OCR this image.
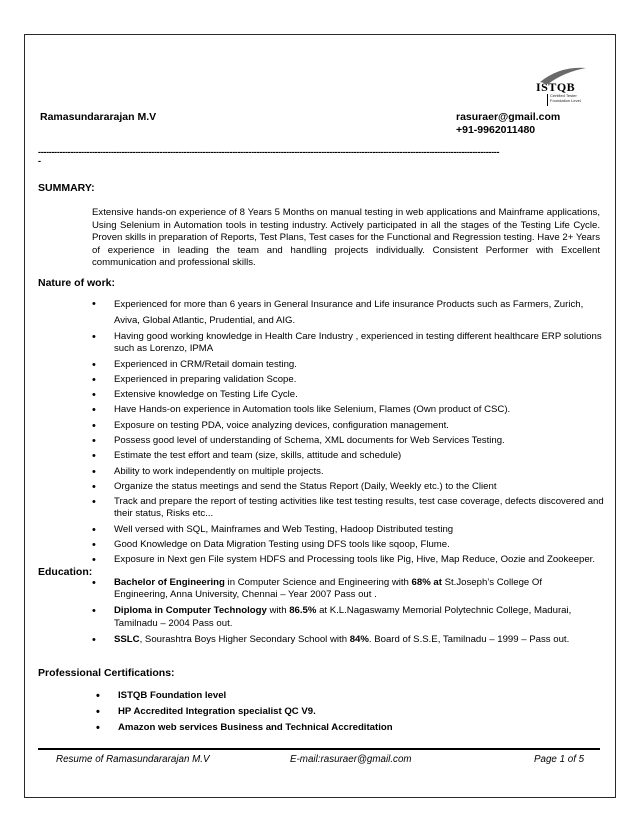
ISTQB
Certified Tester
Foundation Level
Ramasundararajan M.V	rasuraer@gmail.com
+91-9962011480
---------------------------------------------------------------------------------------------------------------------------------------------------------------------------
-
SUMMARY:
Extensive hands-on experience of 8 Years 5 Months on manual testing in web applications and Mainframe applications, Using Selenium in Automation tools in testing industry. Actively participated in all the stages of the Testing Life Cycle. Proven skills in preparation of Reports, Test Plans, Test cases for the Functional and Regression testing. Have 2+ Years of experience in leading the team and handling projects individually. Consistent Performer with Excellent communication and professional skills.
Nature of work:
• Experienced for more than 6 years in General Insurance and Life insurance Products such as Farmers, Zurich, Aviva, Global Atlantic, Prudential, and AIG.
• Having good working knowledge in Health Care Industry , experienced in testing different healthcare ERP solutions such as Lorenzo, IPMA
• Experienced in CRM/Retail domain testing.
• Experienced in preparing validation Scope.
• Extensive knowledge on Testing Life Cycle.
• Have Hands-on experience in Automation tools like Selenium, Flames (Own product of CSC).
• Exposure on testing PDA, voice analyzing devices, configuration management.
• Possess good level of understanding of Schema, XML documents for Web Services Testing.
• Estimate the test effort and team (size, skills, attitude and schedule)
• Ability to work independently on multiple projects.
• Organize the status meetings and send the Status Report (Daily, Weekly etc.) to the Client
• Track and prepare the report of testing activities like test testing results, test case coverage, defects discovered and their status, Risks etc...
• Well versed with SQL, Mainframes and Web Testing, Hadoop Distributed testing
• Good Knowledge on Data Migration Testing using DFS tools like sqoop, Flume.
• Exposure in Next gen File system HDFS and Processing tools like Pig, Hive, Map Reduce, Oozie and Zookeeper.
Education:
• Bachelor of Engineering in Computer Science and Engineering with 68% at St.Joseph’s College Of Engineering, Anna University, Chennai – Year 2007 Pass out .
• Diploma in Computer Technology with 86.5% at K.L.Nagaswamy Memorial Polytechnic College, Madurai, Tamilnadu – 2004 Pass out.
• SSLC, Sourashtra Boys Higher Secondary School with 84%. Board of S.S.E, Tamilnadu – 1999 – Pass out.
Professional Certifications:
• ISTQB Foundation level
• HP Accredited Integration specialist QC V9.
• Amazon web services Business and Technical Accreditation
Resume of Ramasundararajan M.V	E-mail:rasuraer@gmail.com	Page 1 of 5
